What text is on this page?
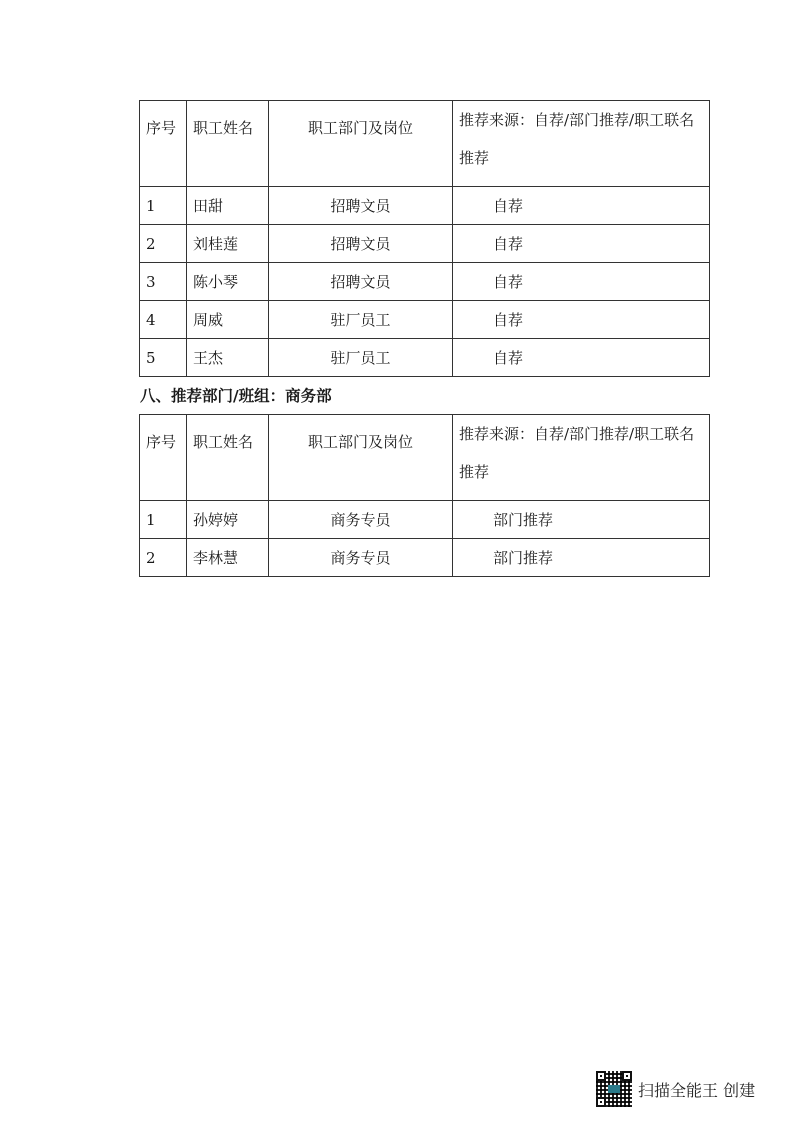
序号	职工姓名	职工部门及岗位	推荐来源：自荐/部门推荐/职工联名推荐
1	田甜	招聘文员	自荐
2	刘桂莲	招聘文员	自荐
3	陈小琴	招聘文员	自荐
4	周威	驻厂员工	自荐
5	王杰	驻厂员工	自荐
八、推荐部门/班组：商务部
序号	职工姓名	职工部门及岗位	推荐来源：自荐/部门推荐/职工联名推荐
1	孙婷婷	商务专员	部门推荐
2	李林慧	商务专员	部门推荐
扫描全能王 创建
